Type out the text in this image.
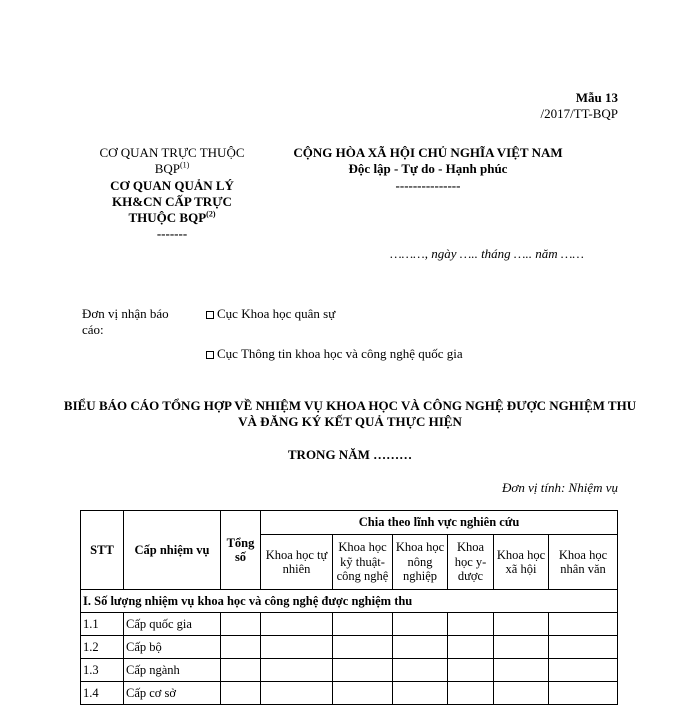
Mẫu 13
/2017/TT-BQP
CƠ QUAN TRỰC THUỘC BQP$^{(1)}$
CƠ QUAN QUẢN LÝ KH&CN CẤP TRỰC THUỘC BQP$^{(2)}$
-------
CỘNG HÒA XÃ HỘI CHỦ NGHĨA VIỆT NAM
Độc lập - Tự do - Hạnh phúc
---------------
………, ngày ….. tháng ….. năm ……
Đơn vị nhận báo cáo:
Cục Khoa học quân sự
Cục Thông tin khoa học và công nghệ quốc gia
BIỂU BÁO CÁO TỔNG HỢP VỀ NHIỆM VỤ KHOA HỌC VÀ CÔNG NGHỆ ĐƯỢC NGHIỆM THU VÀ ĐĂNG KÝ KẾT QUẢ THỰC HIỆN
TRONG NĂM ………
Đơn vị tính: Nhiệm vụ
STT	Cấp nhiệm vụ	Tổng số	Chia theo lĩnh vực nghiên cứu					
			Khoa học tự nhiên	Khoa học kỹ thuật-công nghệ	Khoa học nông nghiệp	Khoa học y-dược	Khoa học xã hội	Khoa học nhân văn
I. Số lượng nhiệm vụ khoa học và công nghệ được nghiệm thu								
1.1	Cấp quốc gia							
1.2	Cấp bộ							
1.3	Cấp ngành							
1.4	Cấp cơ sở							
